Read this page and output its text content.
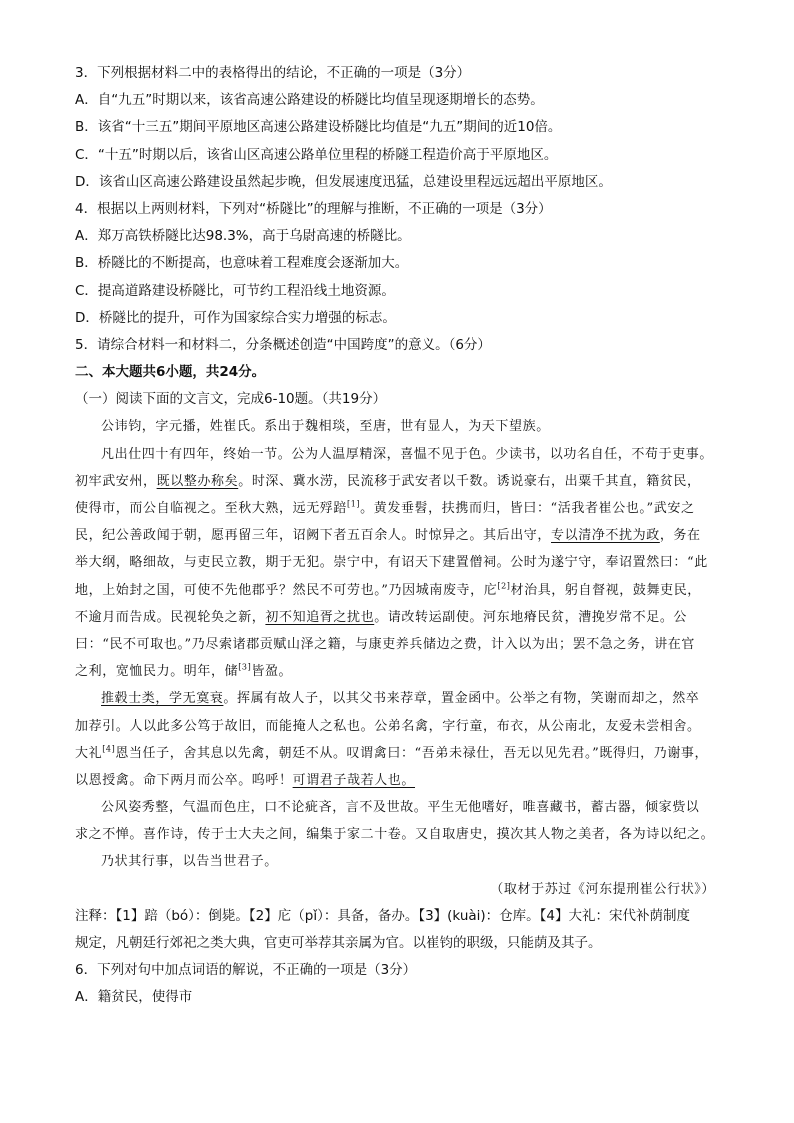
3．下列根据材料二中的表格得出的结论，不正确的一项是（3分）
A．自“九五”时期以来，该省高速公路建设的桥隧比均值呈现逐期增长的态势。
B．该省“十三五”期间平原地区高速公路建设桥隧比均值是“九五”期间的近10倍。
C．“十五”时期以后，该省山区高速公路单位里程的桥隧工程造价高于平原地区。
D．该省山区高速公路建设虽然起步晚，但发展速度迅猛，总建设里程远远超出平原地区。
4．根据以上两则材料，下列对“桥隧比”的理解与推断，不正确的一项是（3分）
A．郑万高铁桥隧比达98.3%，高于乌尉高速的桥隧比。
B．桥隧比的不断提高，也意味着工程难度会逐渐加大。
C．提高道路建设桥隧比，可节约工程沿线土地资源。
D．桥隧比的提升，可作为国家综合实力增强的标志。
5．请综合材料一和材料二，分条概述创造“中国跨度”的意义。（6分）
二、本大题共6小题，共24分。
（一）阅读下面的文言文，完成6-10题。（共19分）
公讳钧，字元播，姓崔氏。系出于魏相琰，至唐，世有显人，为天下望族。
凡出仕四十有四年，终始一节。公为人温厚精深，喜愠不见于色。少读书，以功名自任，不苟于吏事。
初牢武安州，既以整办称矣。时深、冀水涝，民流移于武安者以千数。诱说豪右，出粟千其直，籍贫民，
使得市，而公自临视之。至秋大熟，远无殍踣[1]。黄发垂髫，扶携而归，皆曰：“活我者崔公也。”武安之
民，纪公善政闻于朝，愿再留三年，诏阙下者五百余人。时惊异之。其后出守，专以清净不扰为政，务在
举大纲，略细故，与吏民立教，期于无犯。崇宁中，有诏天下建置僧祠。公时为遂宁守，奉诏置然曰：“此
地，上始封之国，可使不先他郡乎？然民不可劳也。”乃因城南废寺，庀[2]材治具，躬自督视，鼓舞吏民，
不逾月而告成。民视轮奂之新，初不知追胥之扰也。请改转运副使。河东地瘠民贫，漕挽岁常不足。公
曰：“民不可取也。”乃尽索诸郡贡赋山泽之籍，与康吏养兵储边之费，计入以为出；罢不急之务，讲在官
之利，宽恤民力。明年，储[3]皆盈。
推毂士类，学无寞衰。挥属有故人子，以其父书来荐章，置金函中。公举之有物，笑谢而却之，然卒
加荐引。人以此多公笃于故旧，而能掩人之私也。公弟名禽，字行童，布衣，从公南北，友爱未尝相舍。
大礼[4]恩当任子，舍其息以先禽，朝廷不从。叹谓禽曰：“吾弟未禄仕，吾无以见先君。”既得归，乃谢事，
以恩授禽。命下两月而公卒。呜呼！可谓君子哉若人也。
公风姿秀整，气温而色庄，口不论疵吝，言不及世故。平生无他嗜好，唯喜藏书，蓄古器，倾家赀以
求之不惮。喜作诗，传于士大夫之间，编集于家二十卷。又自取唐史，摸次其人物之美者，各为诗以纪之。
乃状其行事，以告当世君子。
（取材于苏过《河东提刑崔公行状》）
注释：【1】踣（bó）：倒毙。【2】庀（pǐ）：具备，备办。【3】(kuài)：仓库。【4】大礼：宋代补荫制度
规定，凡朝廷行郊祀之类大典，官吏可举荐其亲属为官。以崔钧的职级，只能荫及其子。
6．下列对句中加点词语的解说，不正确的一项是（3分）
A．籍贫民，使得市
